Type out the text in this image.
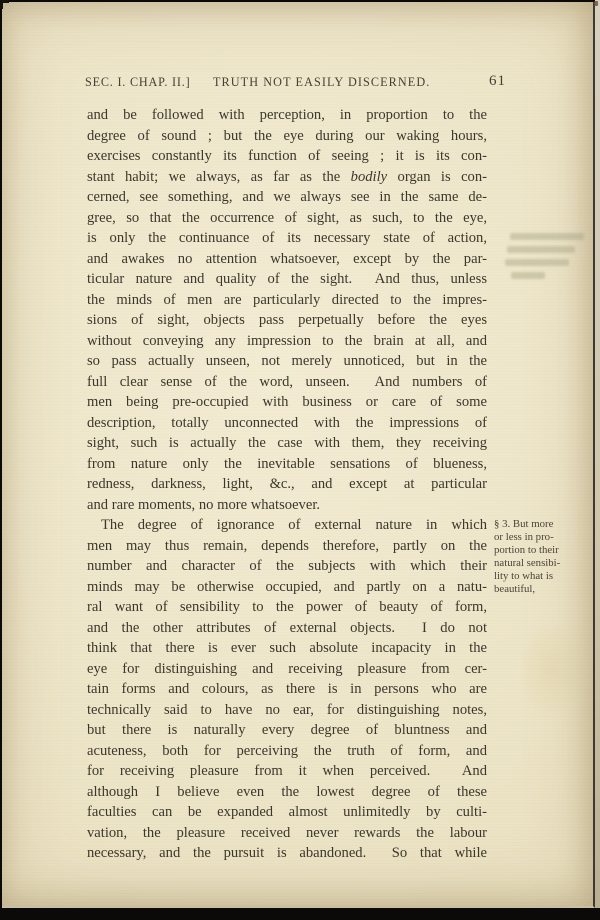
SEC. I. CHAP. II.] TRUTH NOT EASILY DISCERNED.	61
and be followed with perception, in proportion to the
degree of sound ; but the eye during our waking hours,
exercises constantly its function of seeing ; it is its con-
stant habit; we always, as far as the bodily organ is con-
cerned, see something, and we always see in the same de-
gree, so that the occurrence of sight, as such, to the eye,
is only the continuance of its necessary state of action,
and awakes no attention whatsoever, except by the par-
ticular nature and quality of the sight.  And thus, unless
the minds of men are particularly directed to the impres-
sions of sight, objects pass perpetually before the eyes
without conveying any impression to the brain at all, and
so pass actually unseen, not merely unnoticed, but in the
full clear sense of the word, unseen.  And numbers of
men being pre-occupied with business or care of some
description, totally unconnected with the impressions of
sight, such is actually the case with them, they receiving
from nature only the inevitable sensations of blueness,
redness, darkness, light, &c., and except at particular
and rare moments, no more whatsoever.
The degree of ignorance of external nature in which
men may thus remain, depends therefore, partly on the
number and character of the subjects with which their
minds may be otherwise occupied, and partly on a natu-
ral want of sensibility to the power of beauty of form,
and the other attributes of external objects.  I do not
think that there is ever such absolute incapacity in the
eye for distinguishing and receiving pleasure from cer-
tain forms and colours, as there is in persons who are
technically said to have no ear, for distinguishing notes,
but there is naturally every degree of bluntness and
acuteness, both for perceiving the truth of form, and
for receiving pleasure from it when perceived.  And
although I believe even the lowest degree of these
faculties can be expanded almost unlimitedly by culti-
vation, the pleasure received never rewards the labour
necessary, and the pursuit is abandoned.  So that while
§ 3. But more
or less in pro-
portion to their
natural sensibi-
lity to what is
beautiful,
